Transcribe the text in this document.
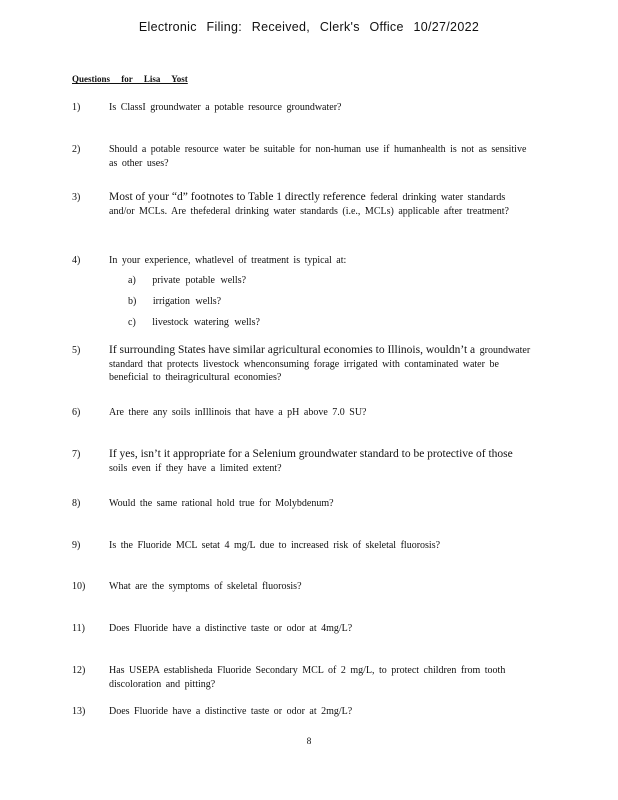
Electronic Filing: Received, Clerk's Office 10/27/2022
Questions for Lisa Yost
1)	Is ClassI groundwater a potable resource groundwater?
2)	Should a potable resource water be suitable for non-human use if humanhealth is not as sensitive as other uses?
3)	Most of your “d” footnotes to Table 1 directly reference federal drinking water standards and/or MCLs. Are thefederal drinking water standards (i.e., MCLs) applicable after treatment?
4)	In your experience, whatlevel of treatment is typical at:
a) private potable wells?
b) irrigation wells?
c) livestock watering wells?
5)	If surrounding States have similar agricultural economies to Illinois, wouldn’t a groundwater standard that protects livestock whenconsuming forage irrigated with contaminated water be beneficial to theiragricultural economies?
6)	Are there any soils inIllinois that have a pH above 7.0 SU?
7)	If yes, isn’t it appropriate for a Selenium groundwater standard to be protective of those soils even if they have a limited extent?
8)	Would the same rational hold true for Molybdenum?
9)	Is the Fluoride MCL setat 4 mg/L due to increased risk of skeletal fluorosis?
10)	What are the symptoms of skeletal fluorosis?
11)	Does Fluoride have a distinctive taste or odor at 4mg/L?
12)	Has USEPA establisheda Fluoride Secondary MCL of 2 mg/L, to protect children from tooth discoloration and pitting?
13)	Does Fluoride have a distinctive taste or odor at 2mg/L?
8
